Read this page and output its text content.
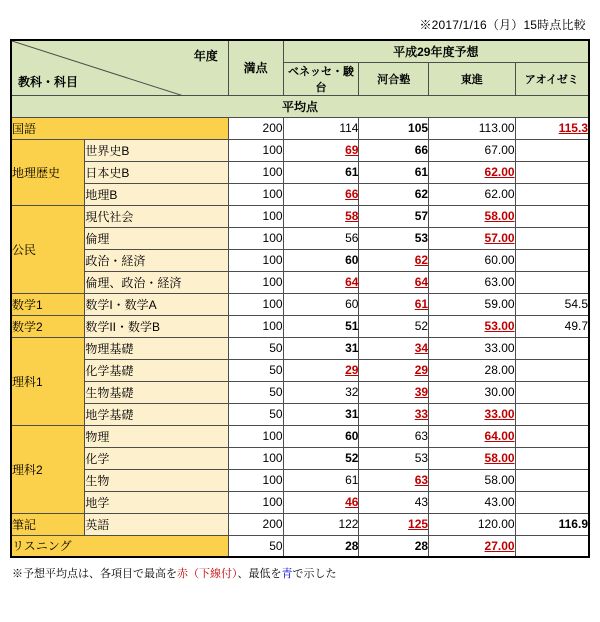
※2017/1/16（月）15時点比較
年度
教科・科目		満点	平成29年度予想			
			ベネッセ・駿台	河合塾	東進	アオイゼミ
平均点						
国語		200	114	105	113.00	115.3
地理歴史	世界史B	100	69	66	67.00	
	日本史B	100	61	61	62.00	
	地理B	100	66	62	62.00	
公民	現代社会	100	58	57	58.00	
	倫理	100	56	53	57.00	
	政治・経済	100	60	62	60.00	
	倫理、政治・経済	100	64	64	63.00	
数学1	数学I・数学A	100	60	61	59.00	54.5
数学2	数学II・数学B	100	51	52	53.00	49.7
理科1	物理基礎	50	31	34	33.00	
	化学基礎	50	29	29	28.00	
	生物基礎	50	32	39	30.00	
	地学基礎	50	31	33	33.00	
理科2	物理	100	60	63	64.00	
	化学	100	52	53	58.00	
	生物	100	61	63	58.00	
	地学	100	46	43	43.00	
筆記	英語	200	122	125	120.00	116.9
リスニング		50	28	28	27.00	
※予想平均点は、各項目で最高を赤（下線付）、最低を青で示した
